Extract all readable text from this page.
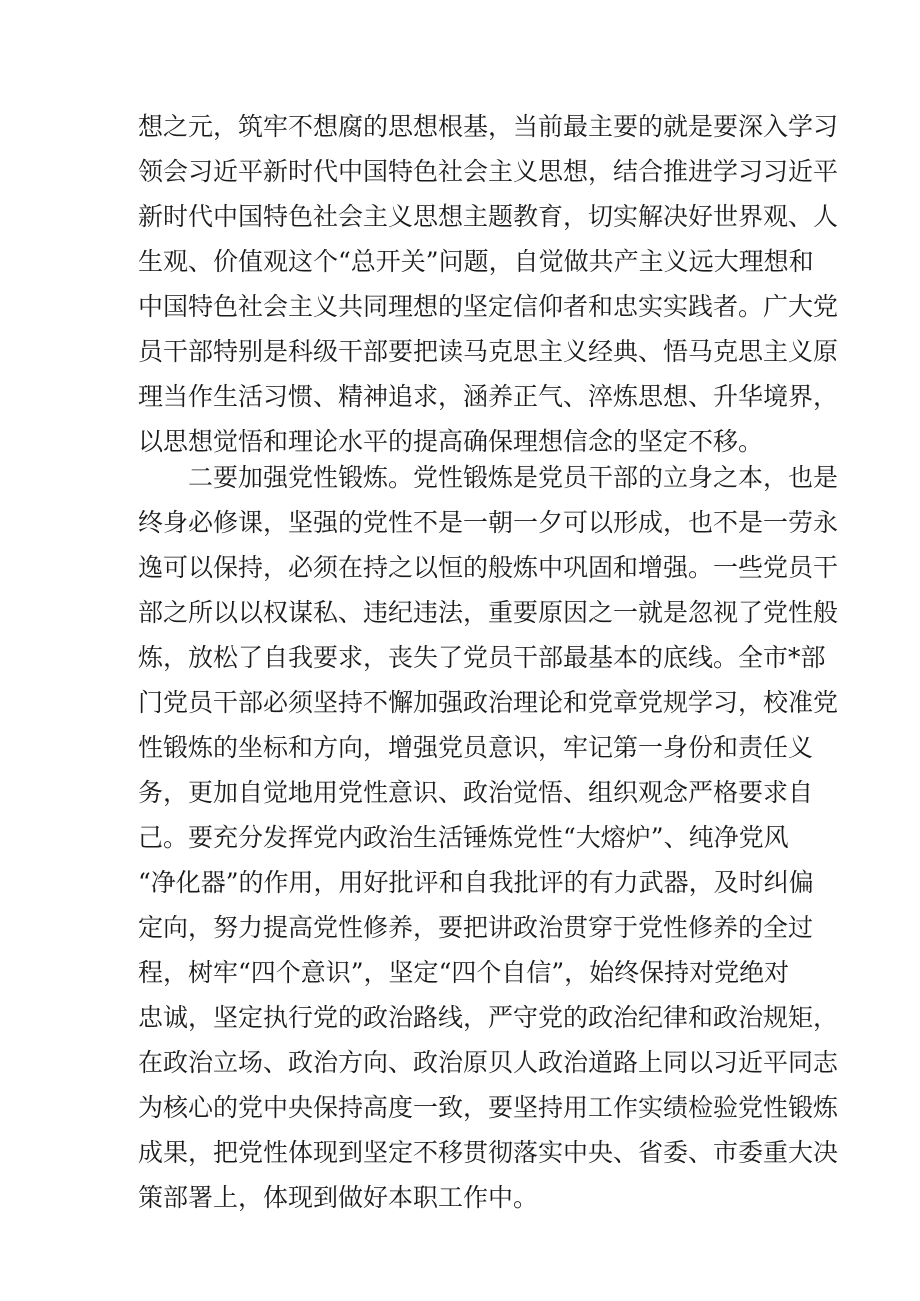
想之元，筑牢不想腐的思想根基，当前最主要的就是要深入学习

领会习近平新时代中国特色社会主义思想，结合推进学习习近平

新时代中国特色社会主义思想主题教育，切实解决好世界观、人

生观、价值观这个“总开关”问题，自觉做共产主义远大理想和

中国特色社会主义共同理想的坚定信仰者和忠实实践者。广大党

员干部特别是科级干部要把读马克思主义经典、悟马克思主义原

理当作生活习惯、精神追求，涵养正气、淬炼思想、升华境界，

以思想觉悟和理论水平的提高确保理想信念的坚定不移。

二要加强党性锻炼。党性锻炼是党员干部的立身之本，也是

终身必修课，坚强的党性不是一朝一夕可以形成，也不是一劳永

逸可以保持，必须在持之以恒的般炼中巩固和增强。一些党员干

部之所以以权谋私、违纪违法，重要原因之一就是忽视了党性般

炼，放松了自我要求，丧失了党员干部最基本的底线。全市*部

门党员干部必须坚持不懈加强政治理论和党章党规学习，校准党

性锻炼的坐标和方向，增强党员意识，牢记第一身份和责任义

务，更加自觉地用党性意识、政治觉悟、组织观念严格要求自

己。要充分发挥党内政治生活锤炼党性“大熔炉”、纯净党风

“净化器”的作用，用好批评和自我批评的有力武器，及时纠偏

定向，努力提高党性修养，要把讲政治贯穿于党性修养的全过

程，树牢“四个意识”，坚定“四个自信”，始终保持对党绝对

忠诚，坚定执行党的政治路线，严守党的政治纪律和政治规矩，

在政治立场、政治方向、政治原贝人政治道路上同以习近平同志

为核心的党中央保持高度一致，要坚持用工作实绩检验党性锻炼

成果，把党性体现到坚定不移贯彻落实中央、省委、市委重大决

策部署上，体现到做好本职工作中。
